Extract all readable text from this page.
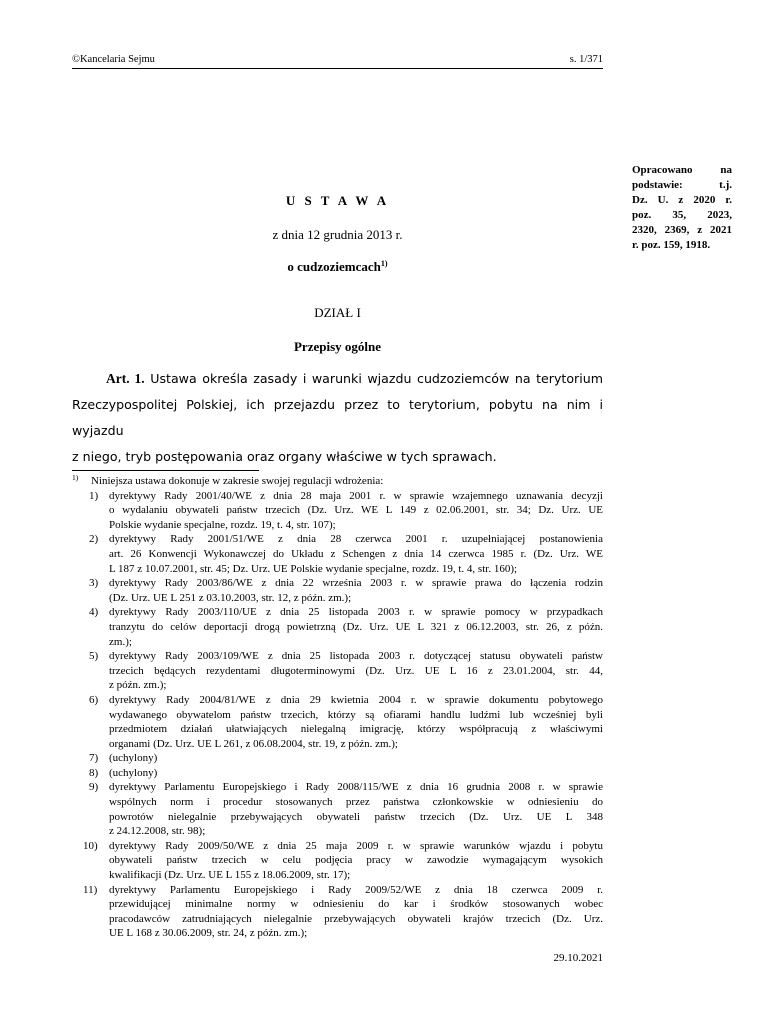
©Kancelaria Sejmu	s. 1/371
Opracowano na
podstawie: t.j.
Dz. U. z 2020 r.
poz. 35, 2023,
2320, 2369, z 2021
r. poz. 159, 1918.
U S T A W A
z dnia 12 grudnia 2013 r.
o cudzoziemcach$^{1)}$
DZIAŁ I
Przepisy ogólne
Art. 1. Ustawa określa zasady i warunki wjazdu cudzoziemców na terytorium
Rzeczypospolitej Polskiej, ich przejazdu przez to terytorium, pobytu na nim i wyjazdu
z niego, tryb postępowania oraz organy właściwe w tych sprawach.
1) Niniejsza ustawa dokonuje w zakresie swojej regulacji wdrożenia:
1) dyrektywy Rady 2001/40/WE z dnia 28 maja 2001 r. w sprawie wzajemnego uznawania decyzji
o wydalaniu obywateli państw trzecich (Dz. Urz. WE L 149 z 02.06.2001, str. 34; Dz. Urz. UE
Polskie wydanie specjalne, rozdz. 19, t. 4, str. 107);
2) dyrektywy Rady 2001/51/WE z dnia 28 czerwca 2001 r. uzupełniającej postanowienia
art. 26 Konwencji Wykonawczej do Układu z Schengen z dnia 14 czerwca 1985 r. (Dz. Urz. WE
L 187 z 10.07.2001, str. 45; Dz. Urz. UE Polskie wydanie specjalne, rozdz. 19, t. 4, str. 160);
3) dyrektywy Rady 2003/86/WE z dnia 22 września 2003 r. w sprawie prawa do łączenia rodzin
(Dz. Urz. UE L 251 z 03.10.2003, str. 12, z późn. zm.);
4) dyrektywy Rady 2003/110/UE z dnia 25 listopada 2003 r. w sprawie pomocy w przypadkach
tranzytu do celów deportacji drogą powietrzną (Dz. Urz. UE L 321 z 06.12.2003, str. 26, z późn.
zm.);
5) dyrektywy Rady 2003/109/WE z dnia 25 listopada 2003 r. dotyczącej statusu obywateli państw
trzecich będących rezydentami długoterminowymi (Dz. Urz. UE L 16 z 23.01.2004, str. 44,
z późn. zm.);
6) dyrektywy Rady 2004/81/WE z dnia 29 kwietnia 2004 r. w sprawie dokumentu pobytowego
wydawanego obywatelom państw trzecich, którzy są ofiarami handlu ludźmi lub wcześniej byli
przedmiotem działań ułatwiających nielegalną imigrację, którzy współpracują z właściwymi
organami (Dz. Urz. UE L 261, z 06.08.2004, str. 19, z późn. zm.);
7) (uchylony)
8) (uchylony)
9) dyrektywy Parlamentu Europejskiego i Rady 2008/115/WE z dnia 16 grudnia 2008 r. w sprawie
wspólnych norm i procedur stosowanych przez państwa członkowskie w odniesieniu do
powrotów nielegalnie przebywających obywateli państw trzecich (Dz. Urz. UE L 348
z 24.12.2008, str. 98);
10) dyrektywy Rady 2009/50/WE z dnia 25 maja 2009 r. w sprawie warunków wjazdu i pobytu
obywateli państw trzecich w celu podjęcia pracy w zawodzie wymagającym wysokich
kwalifikacji (Dz. Urz. UE L 155 z 18.06.2009, str. 17);
11) dyrektywy Parlamentu Europejskiego i Rady 2009/52/WE z dnia 18 czerwca 2009 r.
przewidującej minimalne normy w odniesieniu do kar i środków stosowanych wobec
pracodawców zatrudniających nielegalnie przebywających obywateli krajów trzecich (Dz. Urz.
UE L 168 z 30.06.2009, str. 24, z późn. zm.);
29.10.2021
